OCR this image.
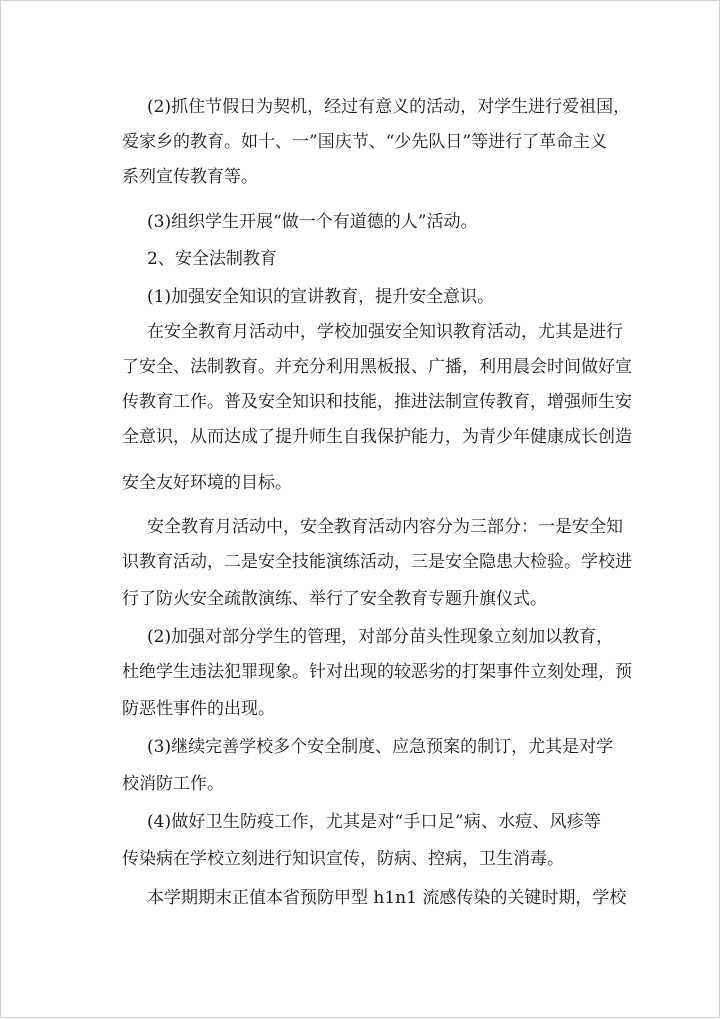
(2)抓住节假日为契机，经过有意义的活动，对学生进行爱祖国，
爱家乡的教育。如十、一”国庆节、“少先队日”等进行了革命主义
系列宣传教育等。
(3)组织学生开展“做一个有道德的人”活动。
2、安全法制教育
(1)加强安全知识的宣讲教育，提升安全意识。
在安全教育月活动中，学校加强安全知识教育活动，尤其是进行
了安全、法制教育。并充分利用黑板报、广播，利用晨会时间做好宣
传教育工作。普及安全知识和技能，推进法制宣传教育，增强师生安
全意识，从而达成了提升师生自我保护能力，为青少年健康成长创造
安全友好环境的目标。
安全教育月活动中，安全教育活动内容分为三部分：一是安全知
识教育活动，二是安全技能演练活动，三是安全隐患大检验。学校进
行了防火安全疏散演练、举行了安全教育专题升旗仪式。
(2)加强对部分学生的管理，对部分苗头性现象立刻加以教育，
杜绝学生违法犯罪现象。针对出现的较恶劣的打架事件立刻处理，预
防恶性事件的出现。
(3)继续完善学校多个安全制度、应急预案的制订，尤其是对学
校消防工作。
(4)做好卫生防疫工作，尤其是对“手口足”病、水痘、风疹等
传染病在学校立刻进行知识宣传，防病、控病，卫生消毒。
本学期期末正值本省预防甲型 h1n1 流感传染的关键时期，学校
